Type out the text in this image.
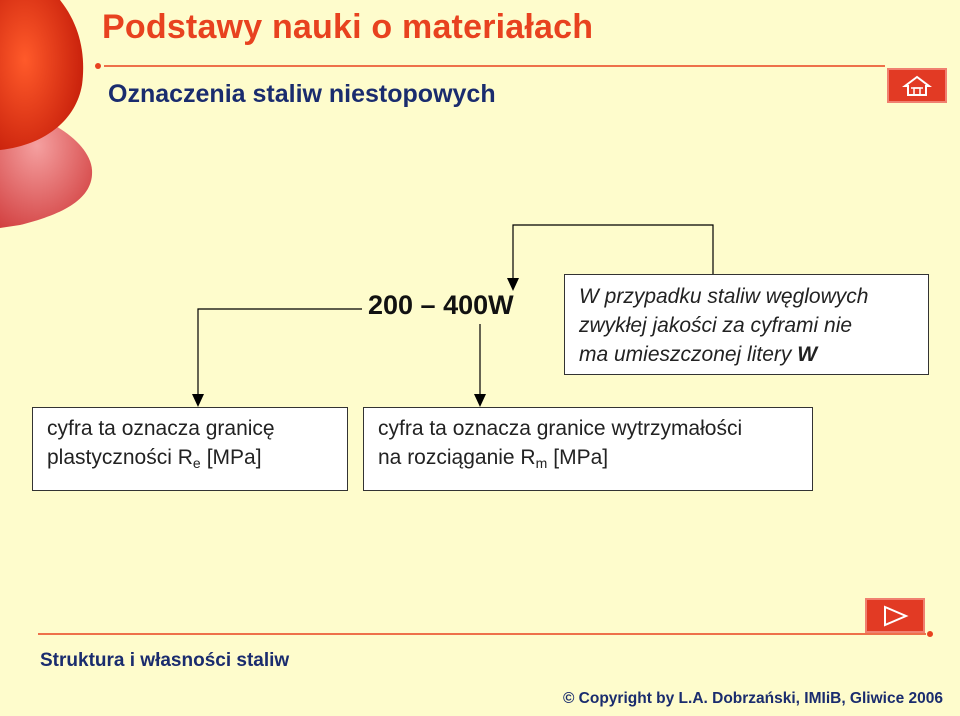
Podstawy nauki o materiałach
Oznaczenia staliw niestopowych
200 – 400W	W przypadku staliw węglowych
zwykłej jakości za cyframi nie
ma umieszczonej litery W
cyfra ta oznacza granicę
plastyczności Re [MPa]
cyfra ta oznacza granice wytrzymałości
na rozciąganie Rm [MPa]
Struktura i własności staliw
© Copyright by L.A. Dobrzański, IMIiB, Gliwice 2006
